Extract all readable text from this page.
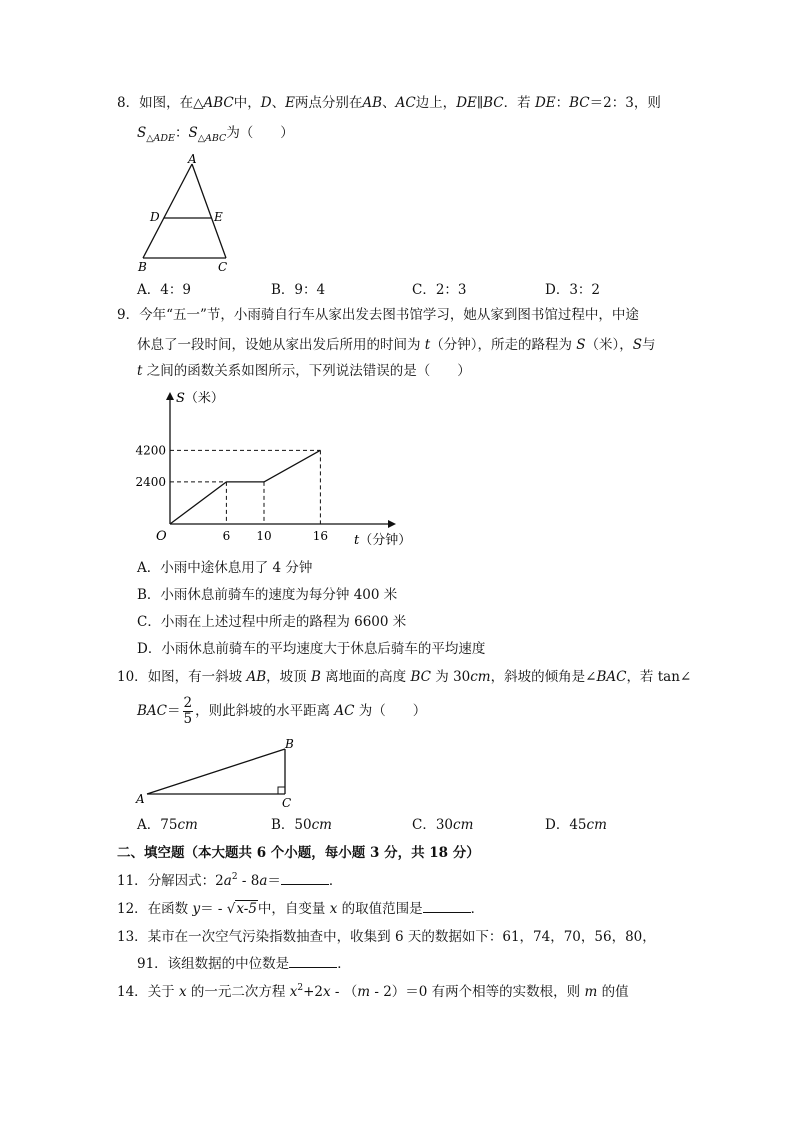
8．如图，在△ABC中，D、E两点分别在AB、AC边上，DE∥BC．若 DE：BC＝2：3，则
$S_{\triangle ADE}$：$S_{\triangle ABC}$为（　　）
A
D	E
B	C
A．4：9	B．9：4	C．2：3	D．3：2
9．今年“五一”节，小雨骑自行车从家出发去图书馆学习，她从家到图书馆过程中，中途
休息了一段时间，设她从家出发后所用的时间为 t（分钟），所走的路程为 S（米），S与
t 之间的函数关系如图所示，下列说法错误的是（　　）
S（米）
t（分钟）
O
2400
4200
6 10	16
A．小雨中途休息用了 4 分钟
B．小雨休息前骑车的速度为每分钟 400 米
C．小雨在上述过程中所走的路程为 6600 米
D．小雨休息前骑车的平均速度大于休息后骑车的平均速度
10．如图，有一斜坡 AB，坡顶 B 离地面的高度 BC 为 30cm，斜坡的倾角是∠BAC，若 tan∠
$BAC= \frac{2}{5}$ ，则此斜坡的水平距离 AC 为（　　）
A
B
C
A．75cm	B．50cm	C．30cm	D．45cm
二、填空题（本大题共 6 个小题，每小题 3 分，共 18 分）
11．分解因式：$2a^2 - 8a=$	．
12．在函数 y＝ - √x-5中，自变量 x 的取值范围是	．
13．某市在一次空气污染指数抽查中，收集到 6 天的数据如下：61，74，70，56，80，
91．该组数据的中位数是	．
14．关于 x 的一元二次方程 $x^2+2x - (m - 2)=0$ 有两个相等的实数根，则 m 的值
